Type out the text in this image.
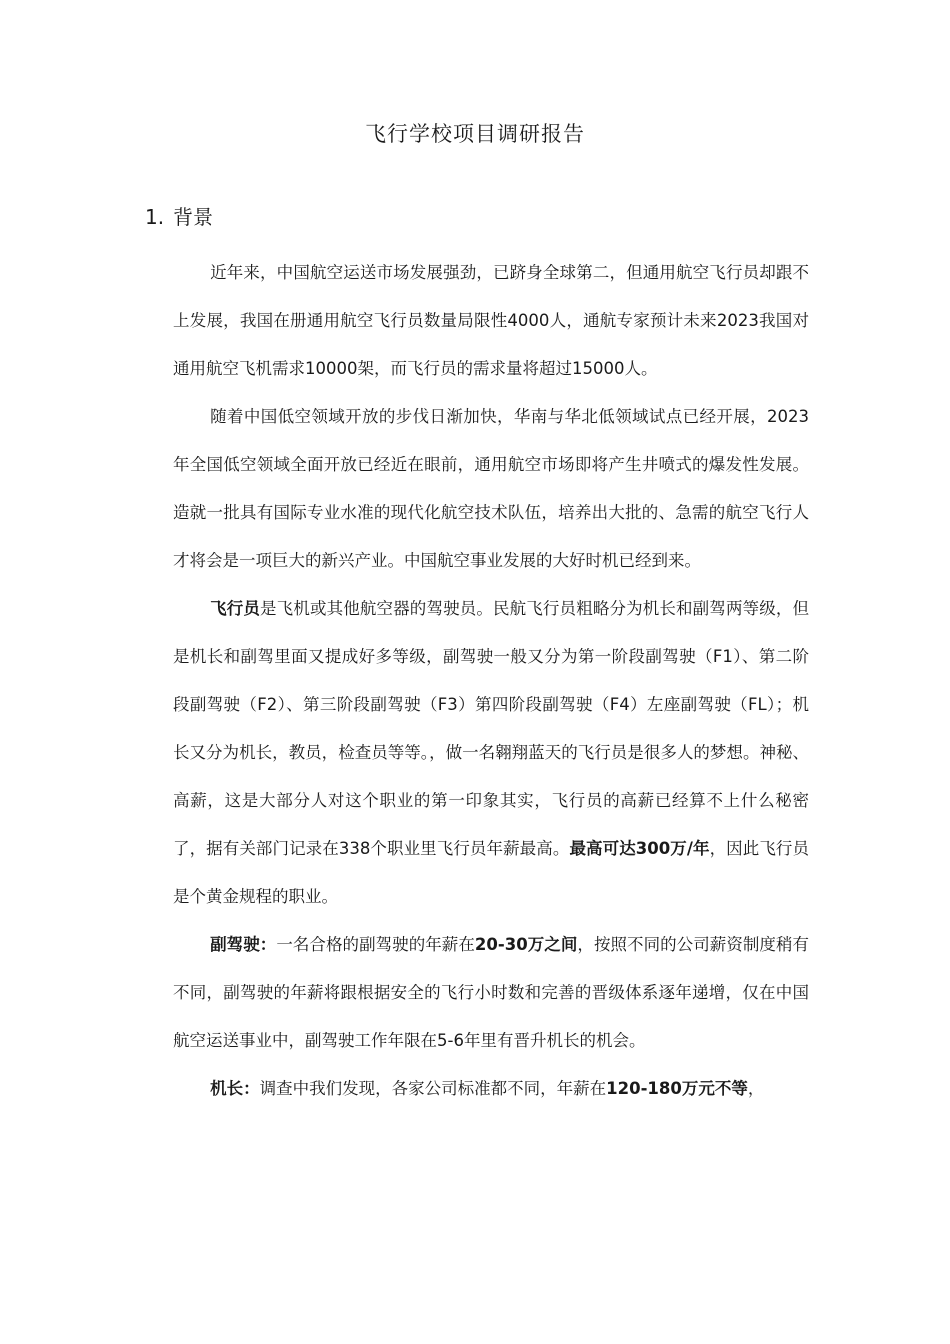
飞行学校项目调研报告
1. 背景

近年来，中国航空运送市场发展强劲，已跻身全球第二，但通用航空飞行员却跟不上发展，我国在册通用航空飞行员数量局限性4000人，通航专家预计未来2023我国对通用航空飞机需求10000架，而飞行员的需求量将超过15000人。

随着中国低空领域开放的步伐日渐加快，华南与华北低领域试点已经开展，2023年全国低空领域全面开放已经近在眼前，通用航空市场即将产生井喷式的爆发性发展。造就一批具有国际专业水准的现代化航空技术队伍，培养出大批的、急需的航空飞行人才将会是一项巨大的新兴产业。中国航空事业发展的大好时机已经到来。

飞行员是飞机或其他航空器的驾驶员。民航飞行员粗略分为机长和副驾两等级，但是机长和副驾里面又提成好多等级，副驾驶一般又分为第一阶段副驾驶（F1）、第二阶段副驾驶（F2）、第三阶段副驾驶（F3）第四阶段副驾驶（F4）左座副驾驶（FL）；机长又分为机长，教员，检查员等等。，做一名翱翔蓝天的飞行员是很多人的梦想。神秘、高薪，这是大部分人对这个职业的第一印象其实，飞行员的高薪已经算不上什么秘密了，据有关部门记录在338个职业里飞行员年薪最高。最高可达300万/年，因此飞行员是个黄金规程的职业。

副驾驶：一名合格的副驾驶的年薪在20-30万之间，按照不同的公司薪资制度稍有不同，副驾驶的年薪将跟根据安全的飞行小时数和完善的晋级体系逐年递增，仅在中国航空运送事业中，副驾驶工作年限在5-6年里有晋升机长的机会。

机长：调查中我们发现，各家公司标准都不同，年薪在120-180万元不等，
